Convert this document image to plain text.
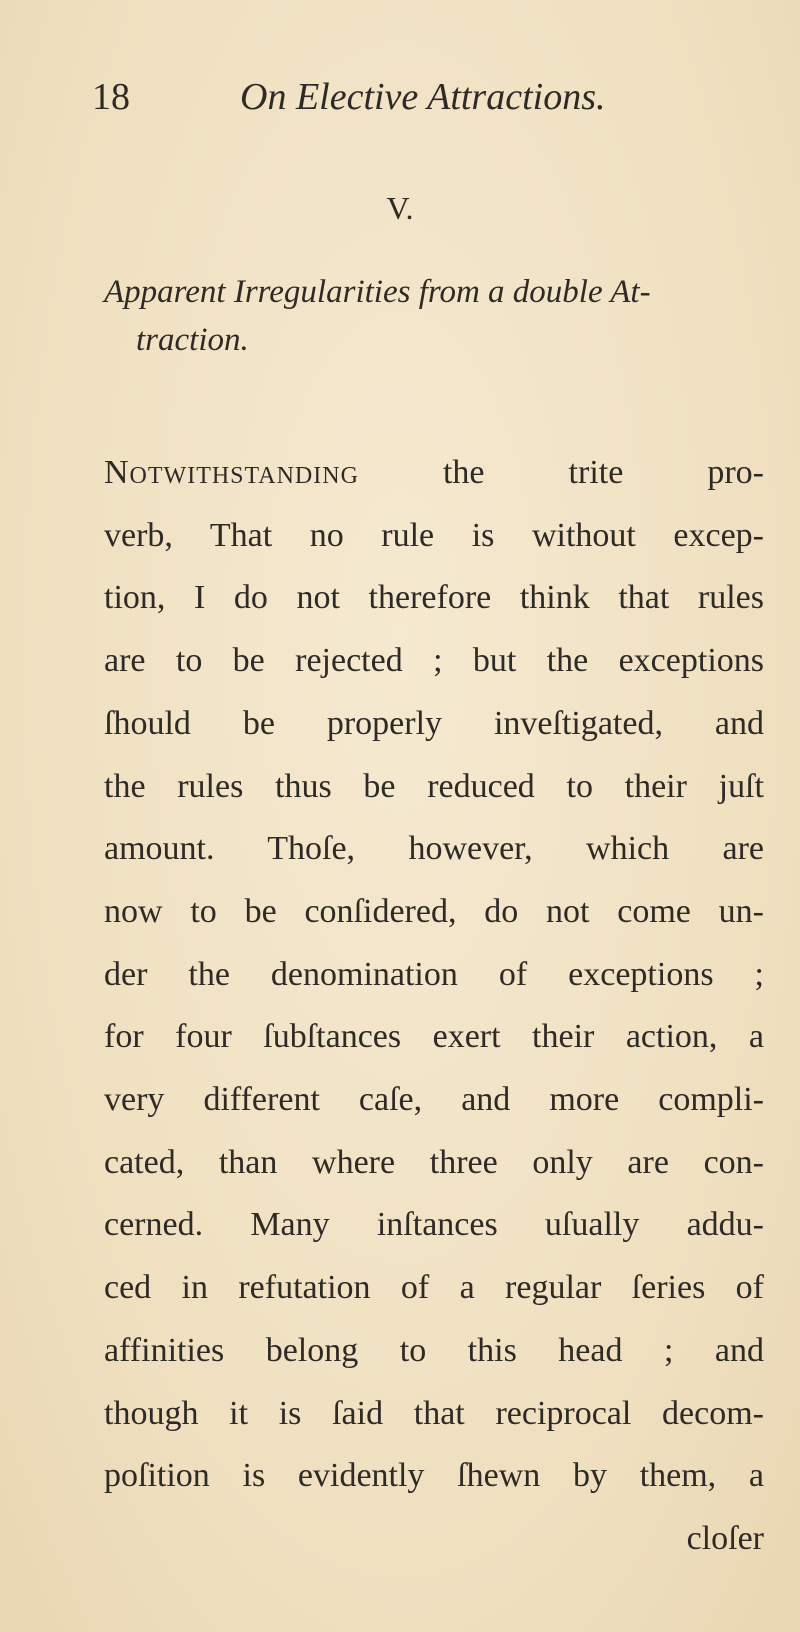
18	On Elective Attractions.
V.
Apparent Irregularities from a double At-
traction.
Notwithstanding the trite pro-
verb, That no rule is without excep-
tion, I do not therefore think that rules
are to be rejected ; but the exceptions
ſhould be properly inveſtigated, and
the rules thus be reduced to their juſt
amount. Thoſe, however, which are
now to be conſidered, do not come un-
der the denomination of exceptions ;
for four ſubſtances exert their action, a
very different caſe, and more compli-
cated, than where three only are con-
cerned. Many inſtances uſually addu-
ced in refutation of a regular ſeries of
affinities belong to this head ; and
though it is ſaid that reciprocal decom-
poſition is evidently ſhewn by them, a
cloſer
